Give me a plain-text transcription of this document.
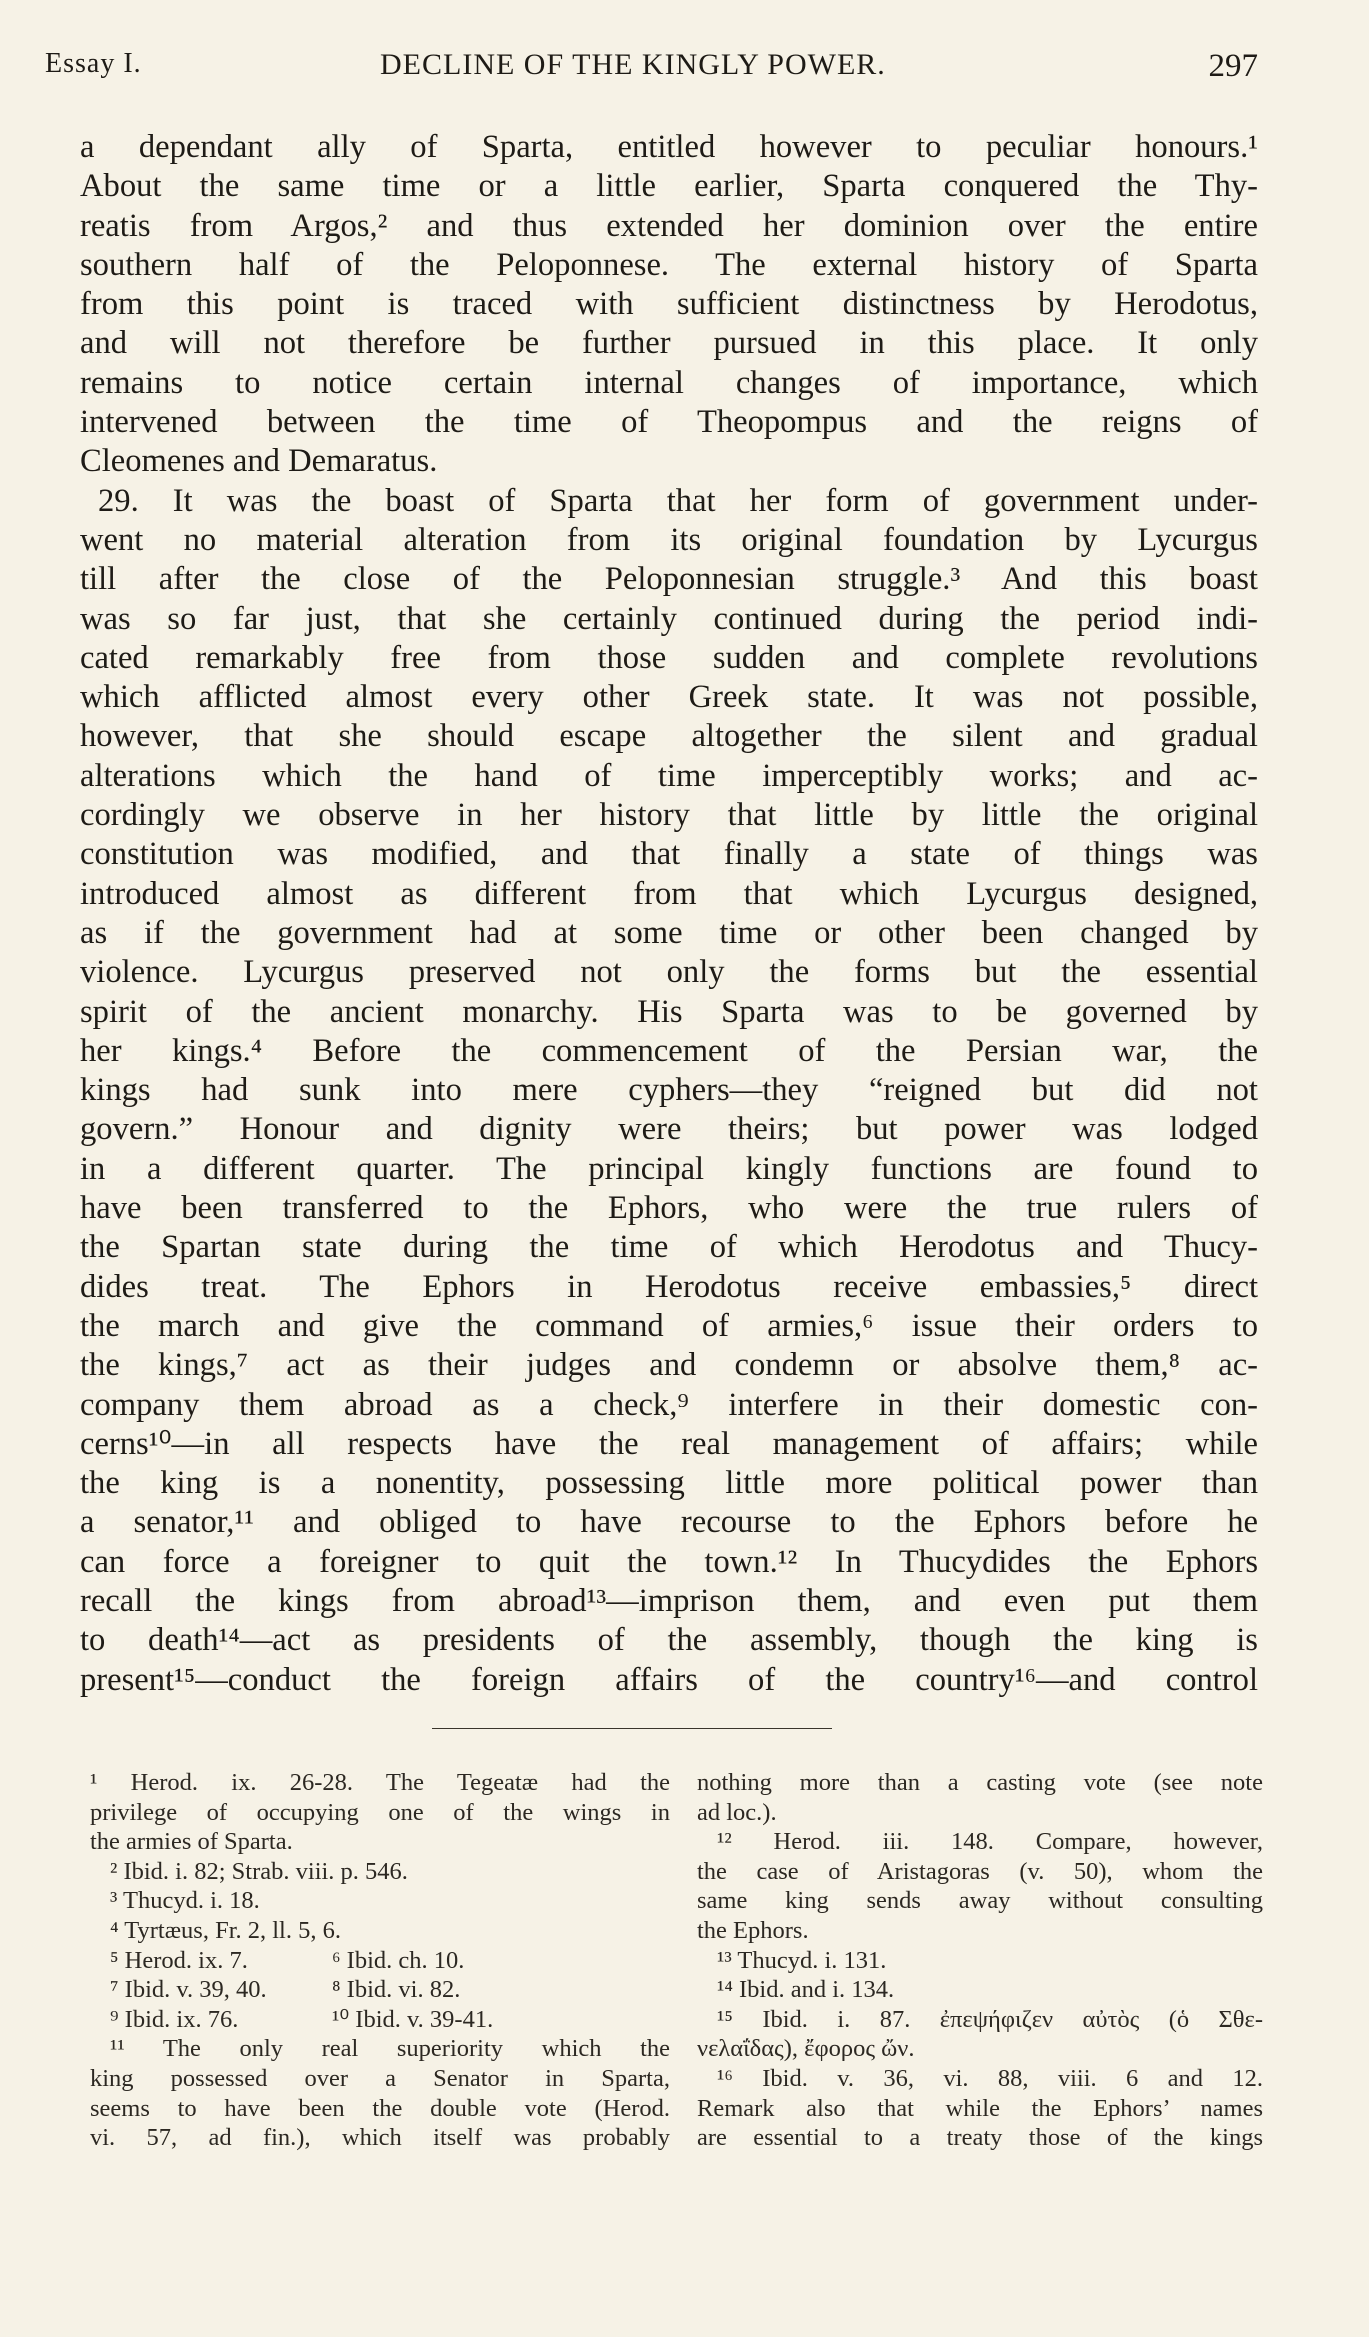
Essay I.	DECLINE OF THE KINGLY POWER.	297
a dependant ally of Sparta, entitled however to peculiar honours.¹
About the same time or a little earlier, Sparta conquered the Thy-
reatis from Argos,² and thus extended her dominion over the entire
southern half of the Peloponnese. The external history of Sparta
from this point is traced with sufficient distinctness by Herodotus,
and will not therefore be further pursued in this place. It only
remains to notice certain internal changes of importance, which
intervened between the time of Theopompus and the reigns of
Cleomenes and Demaratus.
29. It was the boast of Sparta that her form of government under-
went no material alteration from its original foundation by Lycurgus
till after the close of the Peloponnesian struggle.³ And this boast
was so far just, that she certainly continued during the period indi-
cated remarkably free from those sudden and complete revolutions
which afflicted almost every other Greek state. It was not possible,
however, that she should escape altogether the silent and gradual
alterations which the hand of time imperceptibly works; and ac-
cordingly we observe in her history that little by little the original
constitution was modified, and that finally a state of things was
introduced almost as different from that which Lycurgus designed,
as if the government had at some time or other been changed by
violence. Lycurgus preserved not only the forms but the essential
spirit of the ancient monarchy. His Sparta was to be governed by
her kings.⁴ Before the commencement of the Persian war, the
kings had sunk into mere cyphers—they “reigned but did not
govern.” Honour and dignity were theirs; but power was lodged
in a different quarter. The principal kingly functions are found to
have been transferred to the Ephors, who were the true rulers of
the Spartan state during the time of which Herodotus and Thucy-
dides treat. The Ephors in Herodotus receive embassies,⁵ direct
the march and give the command of armies,⁶ issue their orders to
the kings,⁷ act as their judges and condemn or absolve them,⁸ ac-
company them abroad as a check,⁹ interfere in their domestic con-
cerns¹⁰—in all respects have the real management of affairs; while
the king is a nonentity, possessing little more political power than
a senator,¹¹ and obliged to have recourse to the Ephors before he
can force a foreigner to quit the town.¹² In Thucydides the Ephors
recall the kings from abroad¹³—imprison them, and even put them
to death¹⁴—act as presidents of the assembly, though the king is
present¹⁵—conduct the foreign affairs of the country¹⁶—and control
¹ Herod. ix. 26-28. The Tegeatæ had the
privilege of occupying one of the wings in
the armies of Sparta.
² Ibid. i. 82; Strab. viii. p. 546.
³ Thucyd. i. 18.
⁴ Tyrtæus, Fr. 2, ll. 5, 6.
⁵ Herod. ix. 7.	⁶ Ibid. ch. 10.
⁷ Ibid. v. 39, 40.	⁸ Ibid. vi. 82.
⁹ Ibid. ix. 76.	¹⁰ Ibid. v. 39-41.
¹¹ The only real superiority which the
king possessed over a Senator in Sparta,
seems to have been the double vote (Herod.
vi. 57, ad fin.), which itself was probably
nothing more than a casting vote (see note
ad loc.).
¹² Herod. iii. 148. Compare, however,
the case of Aristagoras (v. 50), whom the
same king sends away without consulting
the Ephors.
¹³ Thucyd. i. 131.
¹⁴ Ibid. and i. 134.
¹⁵ Ibid. i. 87. ἐπεψήφιζεν αὐτὸς (ὁ Σθε-
νελαΐδας), ἔφορος ὤν.
¹⁶ Ibid. v. 36, vi. 88, viii. 6 and 12.
Remark also that while the Ephors’ names
are essential to a treaty those of the kings
